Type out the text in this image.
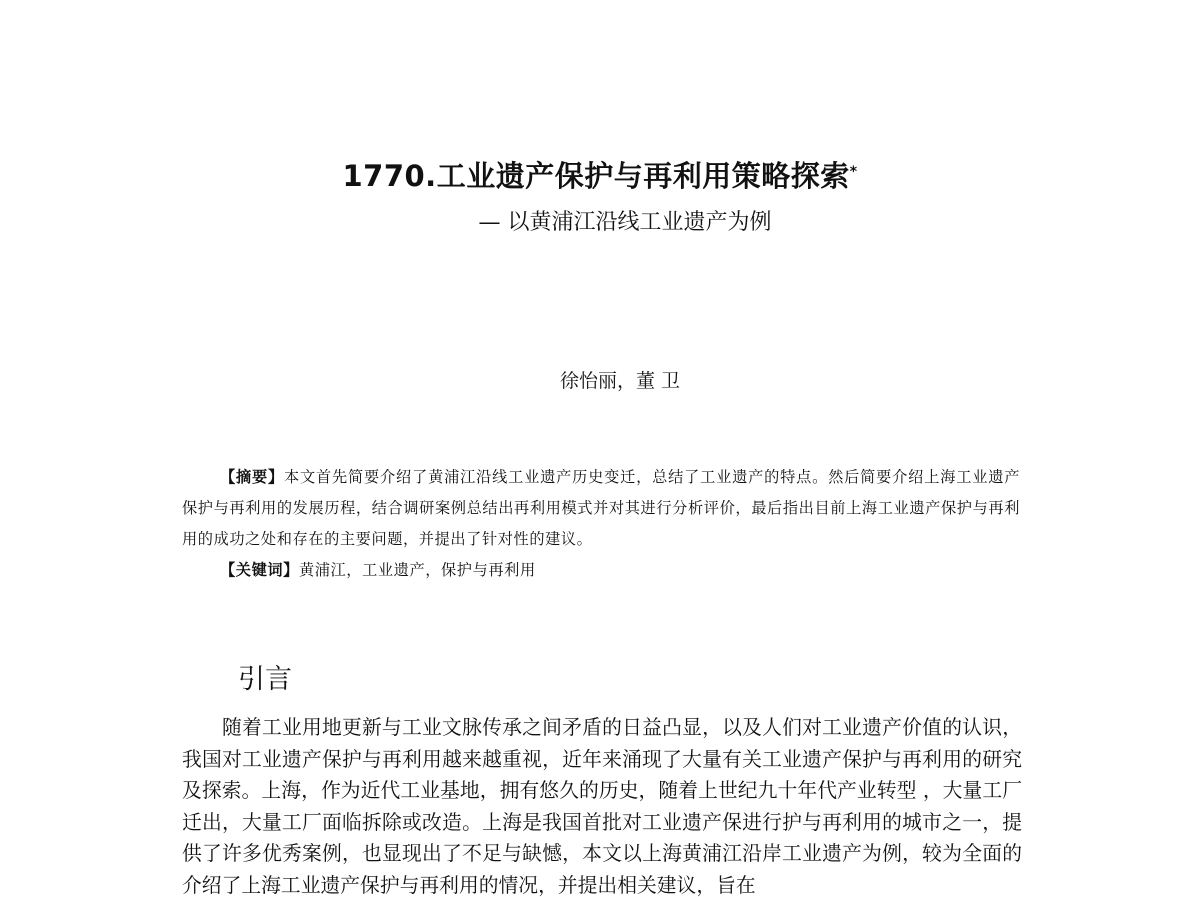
1770.工业遗产保护与再利用策略探索*

— 以黄浦江沿线工业遗产为例

徐怡丽，董 卫

【摘要】本文首先简要介绍了黄浦江沿线工业遗产历史变迁，总结了工业遗产的特点。然后简要介绍上海工业遗产保护与再利用的发展历程，结合调研案例总结出再利用模式并对其进行分析评价，最后指出目前上海工业遗产保护与再利用的成功之处和存在的主要问题，并提出了针对性的建议。

【关键词】黄浦江，工业遗产，保护与再利用

引言

随着工业用地更新与工业文脉传承之间矛盾的日益凸显，以及人们对工业遗产价值的认识，我国对工业遗产保护与再利用越来越重视，近年来涌现了大量有关工业遗产保护与再利用的研究及探索。上海，作为近代工业基地，拥有悠久的历史，随着上世纪九十年代产业转型 ，大量工厂迁出，大量工厂面临拆除或改造。上海是我国首批对工业遗产保进行护与再利用的城市之一，提供了许多优秀案例，也显现出了不足与缺憾，本文以上海黄浦江沿岸工业遗产为例，较为全面的介绍了上海工业遗产保护与再利用的情况，并提出相关建议，旨在
